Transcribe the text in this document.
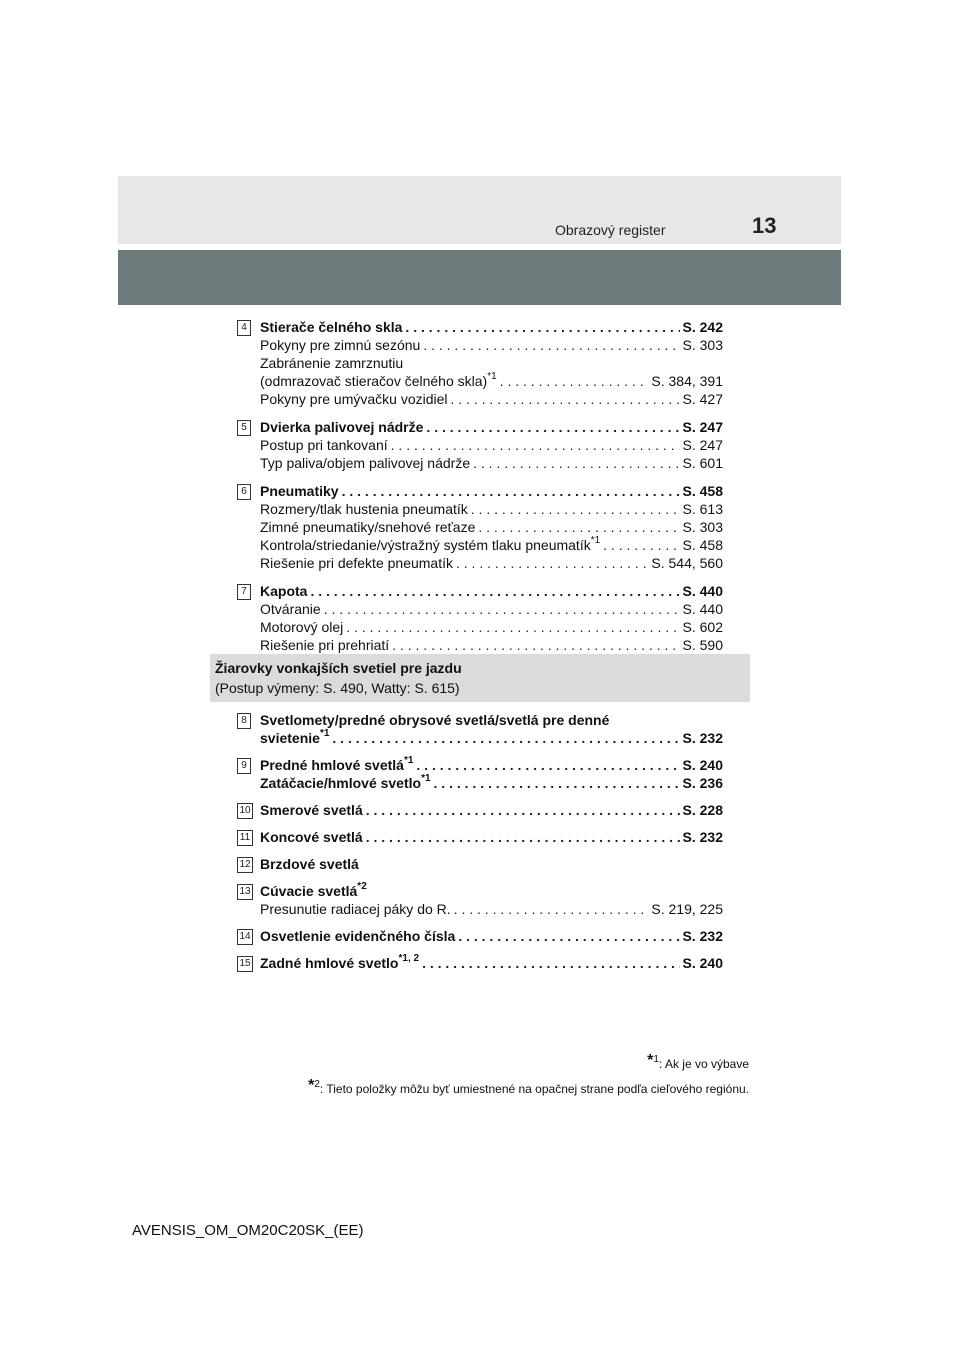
Obrazový register	13
4 Stierače čelného skla . . .	S. 242
Pokyny pre zimnú sezónu . . .	S. 303
Zabránenie zamrznutiu
(odmrazovač stieračov čelného skla)$^{*1}$ . . .	S. 384, 391
Pokyny pre umývačku vozidiel . . .	S. 427
5 Dvierka palivovej nádrže . . .	S. 247
Postup pri tankovaní . . .	S. 247
Typ paliva/objem palivovej nádrže . . .	S. 601
6 Pneumatiky . . .	S. 458
Rozmery/tlak hustenia pneumatík . . .	S. 613
Zimné pneumatiky/snehové reťaze . . .	S. 303
Kontrola/striedanie/výstražný systém tlaku pneumatík$^{*1}$ . . .	S. 458
Riešenie pri defekte pneumatík . . .	S. 544, 560
7 Kapota . . .	S. 440
Otváranie . . .	S. 440
Motorový olej . . .	S. 602
Riešenie pri prehriatí . . .	S. 590
Žiarovky vonkajších svetiel pre jazdu
(Postup výmeny: S. 490, Watty: S. 615)
8 Svetlomety/predné obrysové svetlá/svetlá pre denné
svietenie$^{*1}$ . . .	S. 232
9 Predné hmlové svetlá$^{*1}$ . . .	S. 240
Zatáčacie/hmlové svetlo$^{*1}$ . . .	S. 236
10 Smerové svetlá . . .	S. 228
11 Koncové svetlá . . .	S. 232
12 Brzdové svetlá
13 Cúvacie svetlá$^{*2}$
Presunutie radiacej páky do R. . . .	S. 219, 225
14 Osvetlenie evidenčného čísla . . .	S. 232
15 Zadné hmlové svetlo$^{*1, 2}$ . . .	S. 240
*$^1$: Ak je vo výbave
*$^2$: Tieto položky môžu byť umiestnené na opačnej strane podľa cieľového regiónu.
AVENSIS_OM_OM20C20SK_(EE)
